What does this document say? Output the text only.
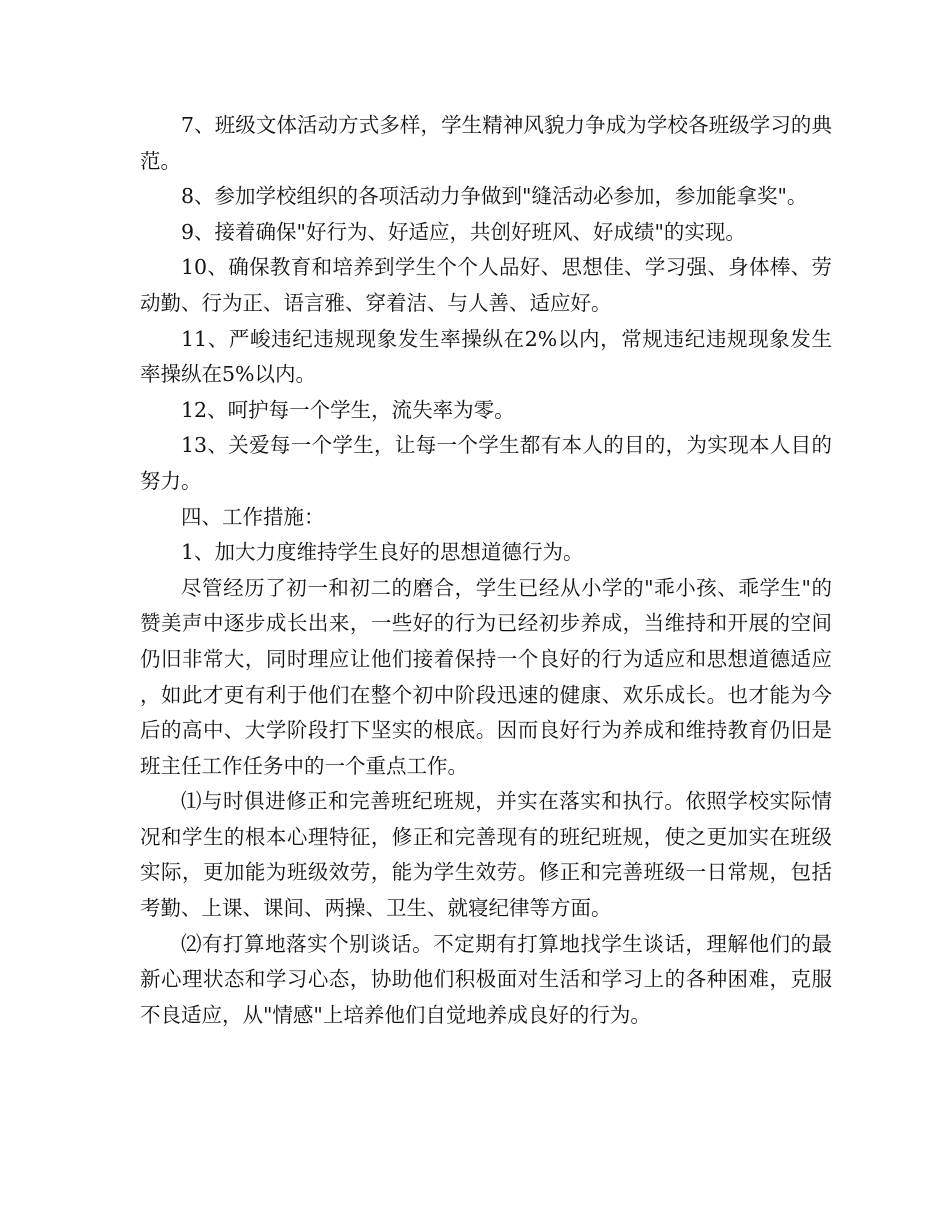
7、班级文体活动方式多样，学生精神风貌力争成为学校各班级学习的典范。

8、参加学校组织的各项活动力争做到"缝活动必参加，参加能拿奖"。

9、接着确保"好行为、好适应，共创好班风、好成绩"的实现。

10、确保教育和培养到学生个个人品好、思想佳、学习强、身体棒、劳动勤、行为正、语言雅、穿着洁、与人善、适应好。

11、严峻违纪违规现象发生率操纵在2%以内，常规违纪违规现象发生率操纵在5%以内。

12、呵护每一个学生，流失率为零。

13、关爱每一个学生，让每一个学生都有本人的目的，为实现本人目的努力。

四、工作措施：

1、加大力度维持学生良好的思想道德行为。

尽管经历了初一和初二的磨合，学生已经从小学的"乖小孩、乖学生"的赞美声中逐步成长出来，一些好的行为已经初步养成，当维持和开展的空间仍旧非常大，同时理应让他们接着保持一个良好的行为适应和思想道德适应，如此才更有利于他们在整个初中阶段迅速的健康、欢乐成长。也才能为今后的高中、大学阶段打下坚实的根底。因而良好行为养成和维持教育仍旧是班主任工作任务中的一个重点工作。

⑴与时俱进修正和完善班纪班规，并实在落实和执行。依照学校实际情况和学生的根本心理特征，修正和完善现有的班纪班规，使之更加实在班级实际，更加能为班级效劳，能为学生效劳。修正和完善班级一日常规，包括考勤、上课、课间、两操、卫生、就寝纪律等方面。

⑵有打算地落实个别谈话。不定期有打算地找学生谈话，理解他们的最新心理状态和学习心态，协助他们积极面对生活和学习上的各种困难，克服不良适应，从"情感"上培养他们自觉地养成良好的行为。
